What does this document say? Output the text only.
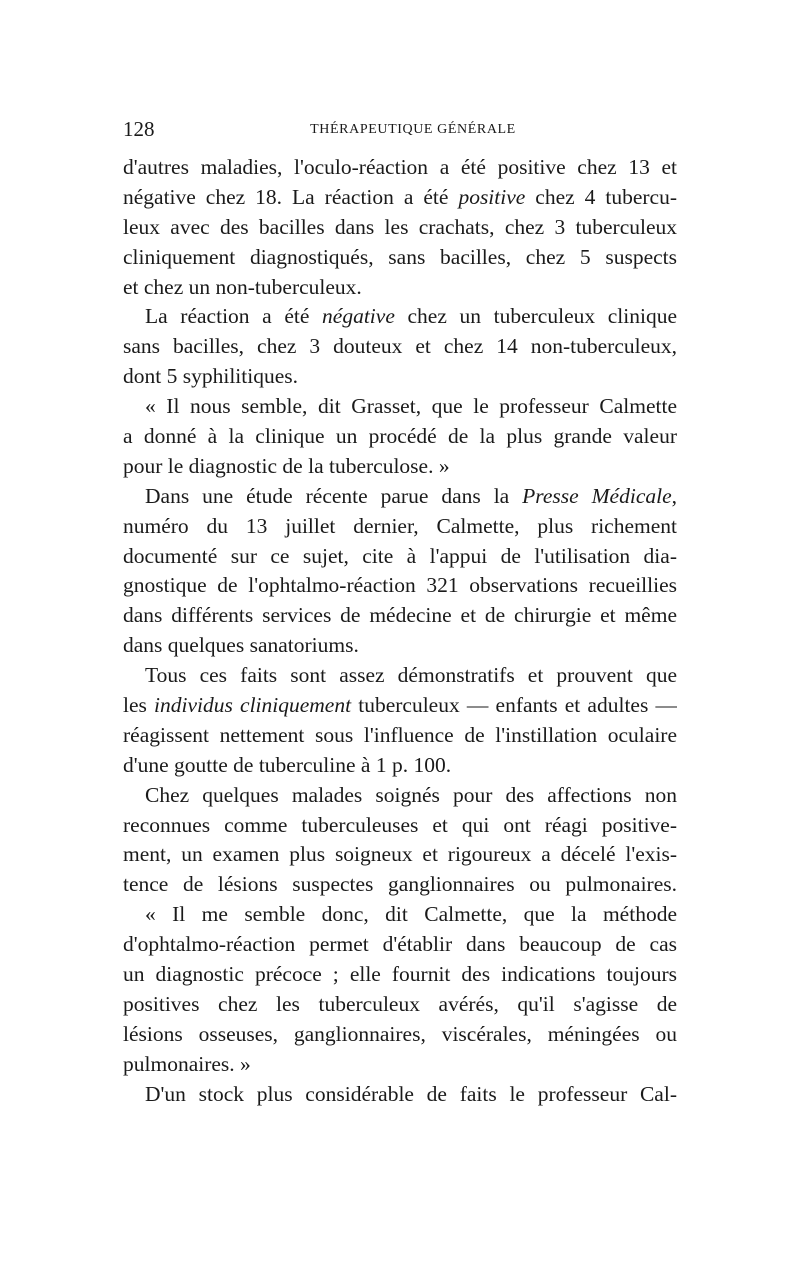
128	THÉRAPEUTIQUE GÉNÉRALE
d'autres maladies, l'oculo-réaction a été positive chez 13 et
négative chez 18. La réaction a été positive chez 4 tubercu-
leux avec des bacilles dans les crachats, chez 3 tuberculeux
cliniquement diagnostiqués, sans bacilles, chez 5 suspects
et chez un non-tuberculeux.
La réaction a été négative chez un tuberculeux clinique
sans bacilles, chez 3 douteux et chez 14 non-tuberculeux,
dont 5 syphilitiques.
« Il nous semble, dit Grasset, que le professeur Calmette
a donné à la clinique un procédé de la plus grande valeur
pour le diagnostic de la tuberculose. »
Dans une étude récente parue dans la Presse Médicale,
numéro du 13 juillet dernier, Calmette, plus richement
documenté sur ce sujet, cite à l'appui de l'utilisation dia-
gnostique de l'ophtalmo-réaction 321 observations recueillies
dans différents services de médecine et de chirurgie et même
dans quelques sanatoriums.
Tous ces faits sont assez démonstratifs et prouvent que
les individus cliniquement tuberculeux — enfants et adultes —
réagissent nettement sous l'influence de l'instillation oculaire
d'une goutte de tuberculine à 1 p. 100.
Chez quelques malades soignés pour des affections non
reconnues comme tuberculeuses et qui ont réagi positive-
ment, un examen plus soigneux et rigoureux a décelé l'exis-
tence de lésions suspectes ganglionnaires ou pulmonaires.
« Il me semble donc, dit Calmette, que la méthode
d'ophtalmo-réaction permet d'établir dans beaucoup de cas
un diagnostic précoce ; elle fournit des indications toujours
positives chez les tuberculeux avérés, qu'il s'agisse de
lésions osseuses, ganglionnaires, viscérales, méningées ou
pulmonaires. »
D'un stock plus considérable de faits le professeur Cal-
